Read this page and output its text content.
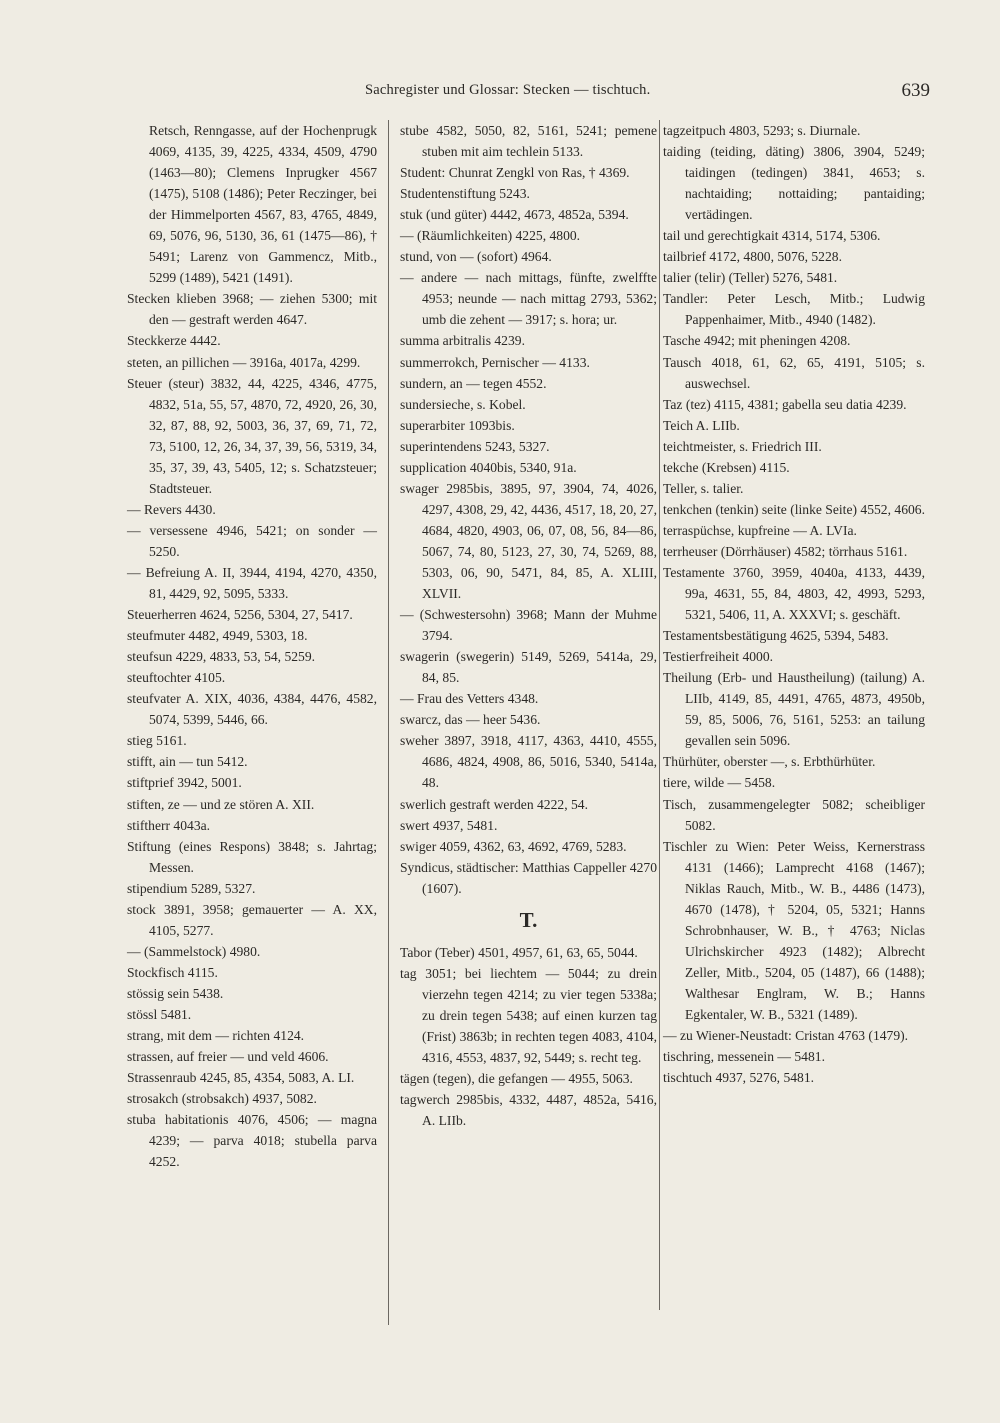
Sachregister und Glossar: Stecken — tischtuch.	639

Retsch, Renngasse, auf der Hochenprugk 4069, 4135, 39, 4225, 4334, 4509, 4790 (1463—80); Clemens Inprugker 4567 (1475), 5108 (1486); Peter Reczinger, bei der Himmelporten 4567, 83, 4765, 4849, 69, 5076, 96, 5130, 36, 61 (1475—86), † 5491; Larenz von Gammencz, Mitb., 5299 (1489), 5421 (1491).

Stecken klieben 3968; — ziehen 5300; mit den — gestraft werden 4647.

Steckkerze 4442.

steten, an pillichen — 3916a, 4017a, 4299.

Steuer (steur) 3832, 44, 4225, 4346, 4775, 4832, 51a, 55, 57, 4870, 72, 4920, 26, 30, 32, 87, 88, 92, 5003, 36, 37, 69, 71, 72, 73, 5100, 12, 26, 34, 37, 39, 56, 5319, 34, 35, 37, 39, 43, 5405, 12; s. Schatzsteuer; Stadtsteuer.

— Revers 4430.

— versessene 4946, 5421; on sonder — 5250.

— Befreiung A. II, 3944, 4194, 4270, 4350, 81, 4429, 92, 5095, 5333.

Steuerherren 4624, 5256, 5304, 27, 5417.

steufmuter 4482, 4949, 5303, 18.

steufsun 4229, 4833, 53, 54, 5259.

steuftochter 4105.

steufvater A. XIX, 4036, 4384, 4476, 4582, 5074, 5399, 5446, 66.

stieg 5161.

stifft, ain — tun 5412.

stiftprief 3942, 5001.

stiften, ze — und ze stören A. XII.

stiftherr 4043a.

Stiftung (eines Respons) 3848; s. Jahrtag; Messen.

stipendium 5289, 5327.

stock 3891, 3958; gemauerter — A. XX, 4105, 5277.

— (Sammelstock) 4980.

Stockfisch 4115.

stössig sein 5438.

stössl 5481.

strang, mit dem — richten 4124.

strassen, auf freier — und veld 4606.

Strassenraub 4245, 85, 4354, 5083, A. LI.

strosakch (strobsakch) 4937, 5082.

stuba habitationis 4076, 4506; — magna 4239; — parva 4018; stubella parva 4252.

stube 4582, 5050, 82, 5161, 5241; pemene stuben mit aim techlein 5133.

Student: Chunrat Zengkl von Ras, † 4369.

Studentenstiftung 5243.

stuk (und güter) 4442, 4673, 4852a, 5394.

— (Räumlichkeiten) 4225, 4800.

stund, von — (sofort) 4964.

— andere — nach mittags, fünfte, zwelffte 4953; neunde — nach mittag 2793, 5362; umb die zehent — 3917; s. hora; ur.

summa arbitralis 4239.

summerrokch, Pernischer — 4133.

sundern, an — tegen 4552.

sundersieche, s. Kobel.

superarbiter 1093bis.

superintendens 5243, 5327.

supplication 4040bis, 5340, 91a.

swager 2985bis, 3895, 97, 3904, 74, 4026, 4297, 4308, 29, 42, 4436, 4517, 18, 20, 27, 4684, 4820, 4903, 06, 07, 08, 56, 84—86, 5067, 74, 80, 5123, 27, 30, 74, 5269, 88, 5303, 06, 90, 5471, 84, 85, A. XLIII, XLVII.

— (Schwestersohn) 3968; Mann der Muhme 3794.

swagerin (swegerin) 5149, 5269, 5414a, 29, 84, 85.

— Frau des Vetters 4348.

swarcz, das — heer 5436.

sweher 3897, 3918, 4117, 4363, 4410, 4555, 4686, 4824, 4908, 86, 5016, 5340, 5414a, 48.

swerlich gestraft werden 4222, 54.

swert 4937, 5481.

swiger 4059, 4362, 63, 4692, 4769, 5283.

Syndicus, städtischer: Matthias Cappeller 4270 (1607).

T.

Tabor (Teber) 4501, 4957, 61, 63, 65, 5044.

tag 3051; bei liechtem — 5044; zu drein vierzehn tegen 4214; zu vier tegen 5338a; zu drein tegen 5438; auf einen kurzen tag (Frist) 3863b; in rechten tegen 4083, 4104, 4316, 4553, 4837, 92, 5449; s. recht teg.

tägen (tegen), die gefangen — 4955, 5063.

tagwerch 2985bis, 4332, 4487, 4852a, 5416, A. LIIb.

tagzeitpuch 4803, 5293; s. Diurnale.

taiding (teiding, däting) 3806, 3904, 5249; taidingen (tedingen) 3841, 4653; s. nachtaiding; nottaiding; pantaiding; vertädingen.

tail und gerechtigkait 4314, 5174, 5306.

tailbrief 4172, 4800, 5076, 5228.

talier (telir) (Teller) 5276, 5481.

Tandler: Peter Lesch, Mitb.; Ludwig Pappenhaimer, Mitb., 4940 (1482).

Tasche 4942; mit pheningen 4208.

Tausch 4018, 61, 62, 65, 4191, 5105; s. auswechsel.

Taz (tez) 4115, 4381; gabella seu datia 4239.

Teich A. LIIb.

teichtmeister, s. Friedrich III.

tekche (Krebsen) 4115.

Teller, s. talier.

tenkchen (tenkin) seite (linke Seite) 4552, 4606.

terraspüchse, kupfreine — A. LVIa.

terrheuser (Dörrhäuser) 4582; törrhaus 5161.

Testamente 3760, 3959, 4040a, 4133, 4439, 99a, 4631, 55, 84, 4803, 42, 4993, 5293, 5321, 5406, 11, A. XXXVI; s. geschäft.

Testamentsbestätigung 4625, 5394, 5483.

Testierfreiheit 4000.

Theilung (Erb- und Haustheilung) (tailung) A. LIIb, 4149, 85, 4491, 4765, 4873, 4950b, 59, 85, 5006, 76, 5161, 5253: an tailung gevallen sein 5096.

Thürhüter, oberster —, s. Erbthürhüter.

tiere, wilde — 5458.

Tisch, zusammengelegter 5082; scheibliger 5082.

Tischler zu Wien: Peter Weiss, Kernerstrass 4131 (1466); Lamprecht 4168 (1467); Niklas Rauch, Mitb., W. B., 4486 (1473), 4670 (1478), † 5204, 05, 5321; Hanns Schrobnhauser, W. B., † 4763; Niclas Ulrichskircher 4923 (1482); Albrecht Zeller, Mitb., 5204, 05 (1487), 66 (1488); Walthesar Englram, W. B.; Hanns Egkentaler, W. B., 5321 (1489).

— zu Wiener-Neustadt: Cristan 4763 (1479).

tischring, messenein — 5481.

tischtuch 4937, 5276, 5481.
